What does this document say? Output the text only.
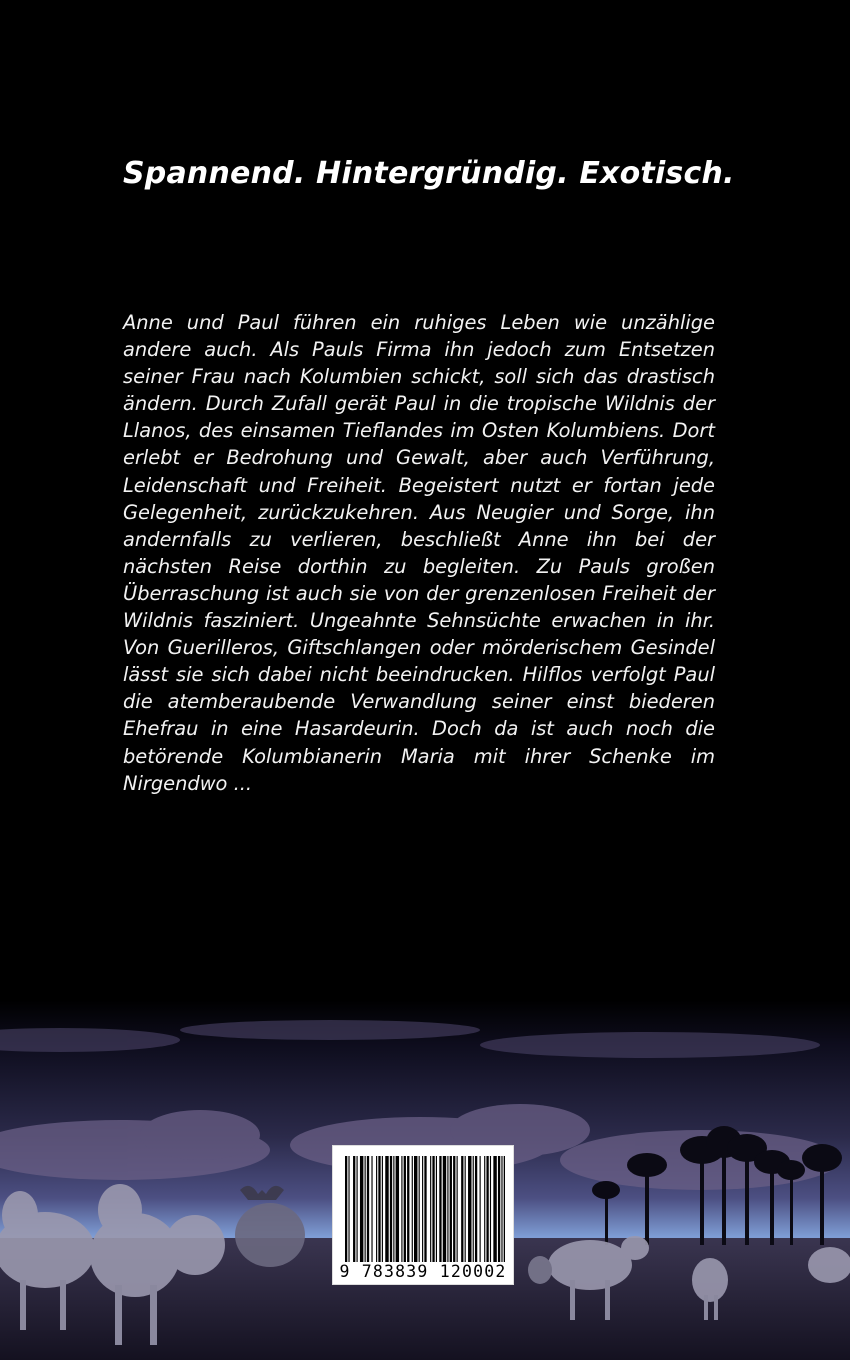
Spannend. Hintergründig. Exotisch.

Anne und Paul führen ein ruhiges Leben wie unzählige andere auch. Als Pauls Firma ihn jedoch zum Entsetzen seiner Frau nach Kolumbien schickt, soll sich das drastisch ändern. Durch Zufall gerät Paul in die tropische Wildnis der Llanos, des einsamen Tieflandes im Osten Kolumbiens. Dort erlebt er Bedrohung und Gewalt, aber auch Verführung, Leidenschaft und Freiheit. Begeistert nutzt er fortan jede Gelegenheit, zurückzukehren. Aus Neugier und Sorge, ihn andernfalls zu verlieren, beschließt Anne ihn bei der nächsten Reise dorthin zu begleiten. Zu Pauls großen Überraschung ist auch sie von der grenzenlosen Freiheit der Wildnis fasziniert. Ungeahnte Sehnsüchte erwachen in ihr. Von Guerilleros, Giftschlangen oder mörderischem Gesindel lässt sie sich dabei nicht beeindrucken. Hilflos verfolgt Paul die atemberaubende Verwandlung seiner einst biederen Ehefrau in eine Hasardeurin. Doch da ist auch noch die betörende Kolumbianerin Maria mit ihrer Schenke im Nirgendwo ...

9 783839 120002
